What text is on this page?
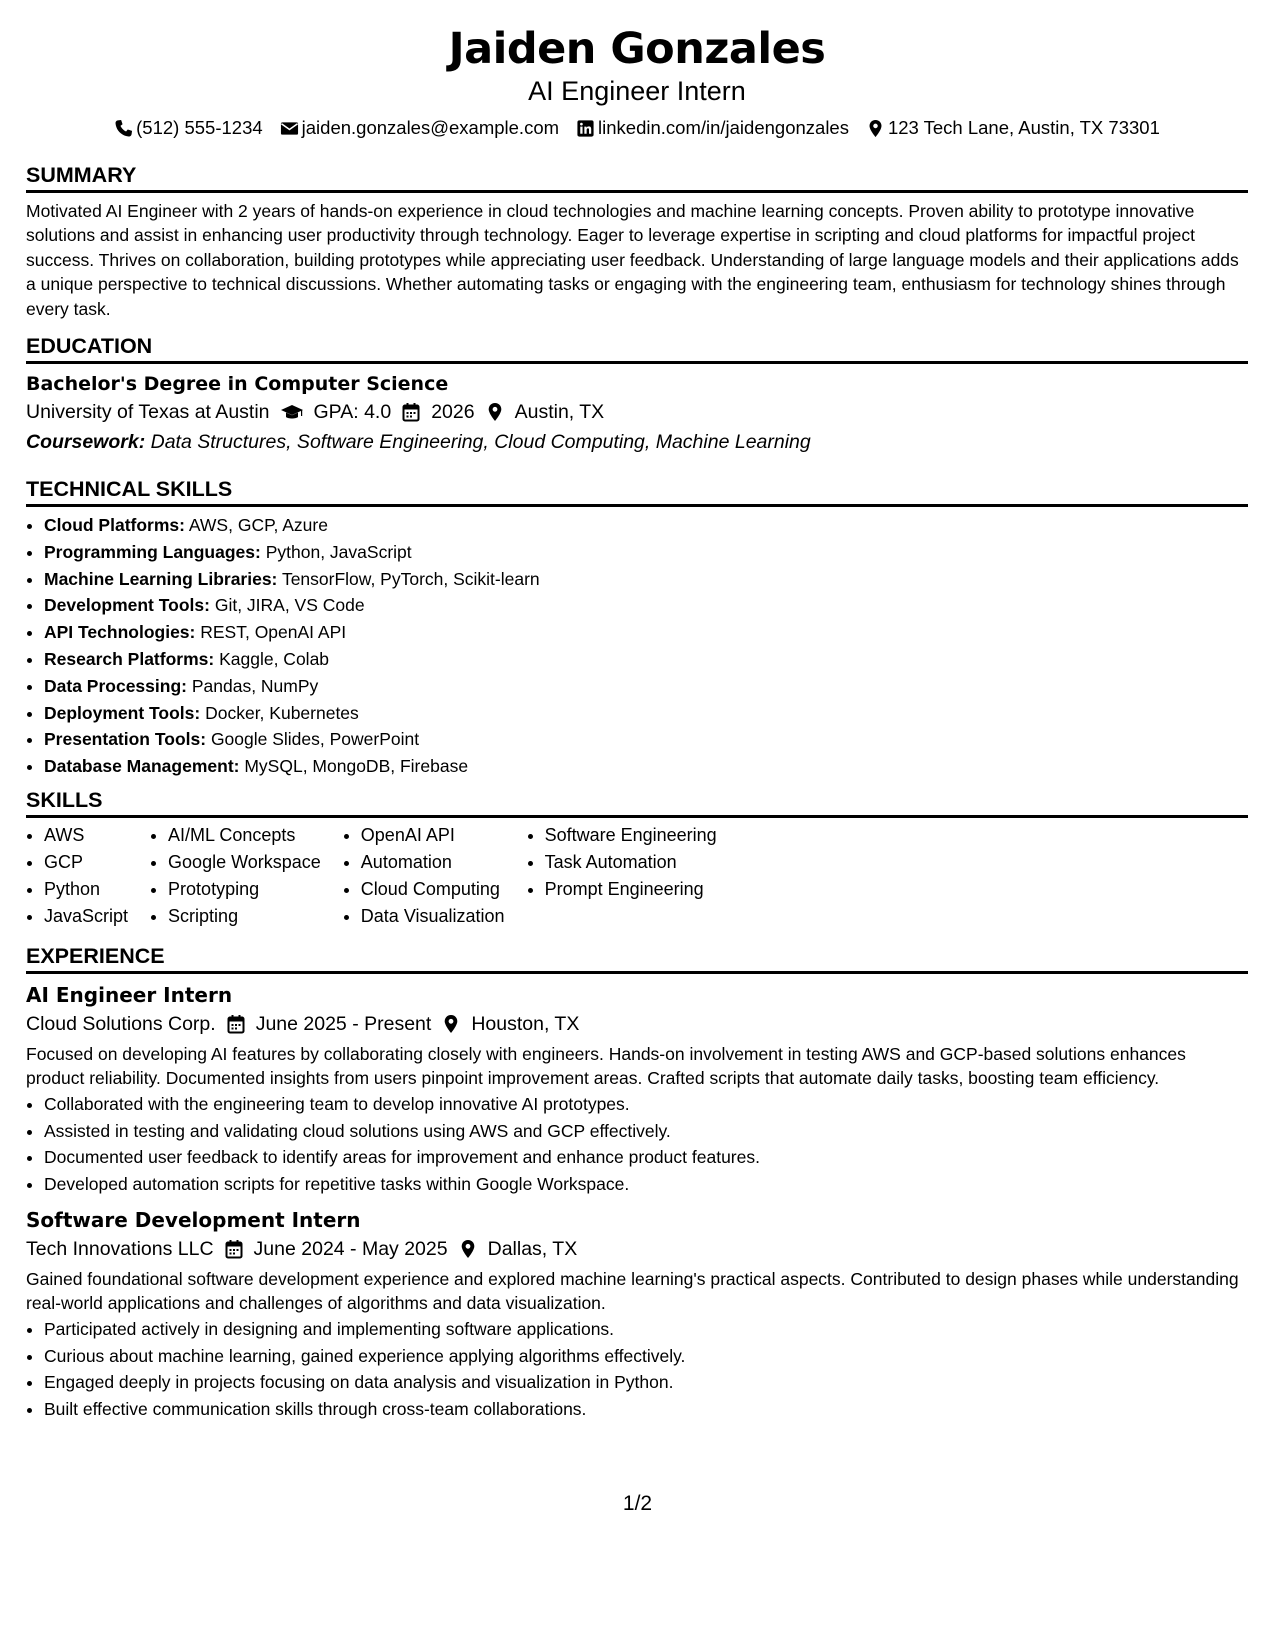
Jaiden Gonzales
AI Engineer Intern
(512) 555-1234 jaiden.gonzales@example.com linkedin.com/in/jaidengonzales 123 Tech Lane, Austin, TX 73301
SUMMARY
Motivated AI Engineer with 2 years of hands-on experience in cloud technologies and machine learning concepts. Proven ability to prototype innovative solutions and assist in enhancing user productivity through technology. Eager to leverage expertise in scripting and cloud platforms for impactful project success. Thrives on collaboration, building prototypes while appreciating user feedback. Understanding of large language models and their applications adds a unique perspective to technical discussions. Whether automating tasks or engaging with the engineering team, enthusiasm for technology shines through every task.
EDUCATION
Bachelor's Degree in Computer Science
University of Texas at Austin GPA: 4.0 2026 Austin, TX
Coursework: Data Structures, Software Engineering, Cloud Computing, Machine Learning
TECHNICAL SKILLS
• Cloud Platforms: AWS, GCP, Azure
• Programming Languages: Python, JavaScript
• Machine Learning Libraries: TensorFlow, PyTorch, Scikit-learn
• Development Tools: Git, JIRA, VS Code
• API Technologies: REST, OpenAI API
• Research Platforms: Kaggle, Colab
• Data Processing: Pandas, NumPy
• Deployment Tools: Docker, Kubernetes
• Presentation Tools: Google Slides, PowerPoint
• Database Management: MySQL, MongoDB, Firebase
SKILLS
• AWS
• GCP
• Python
• JavaScript
• AI/ML Concepts
• Google Workspace
• Prototyping
• Scripting
• OpenAI API
• Automation
• Cloud Computing
• Data Visualization
• Software Engineering
• Task Automation
• Prompt Engineering
EXPERIENCE
AI Engineer Intern
Cloud Solutions Corp. June 2025 - Present Houston, TX
Focused on developing AI features by collaborating closely with engineers. Hands-on involvement in testing AWS and GCP-based solutions enhances product reliability. Documented insights from users pinpoint improvement areas. Crafted scripts that automate daily tasks, boosting team efficiency.
• Collaborated with the engineering team to develop innovative AI prototypes.
• Assisted in testing and validating cloud solutions using AWS and GCP effectively.
• Documented user feedback to identify areas for improvement and enhance product features.
• Developed automation scripts for repetitive tasks within Google Workspace.
Software Development Intern
Tech Innovations LLC June 2024 - May 2025 Dallas, TX
Gained foundational software development experience and explored machine learning's practical aspects. Contributed to design phases while understanding real-world applications and challenges of algorithms and data visualization.
• Participated actively in designing and implementing software applications.
• Curious about machine learning, gained experience applying algorithms effectively.
• Engaged deeply in projects focusing on data analysis and visualization in Python.
• Built effective communication skills through cross-team collaborations.
1/2
